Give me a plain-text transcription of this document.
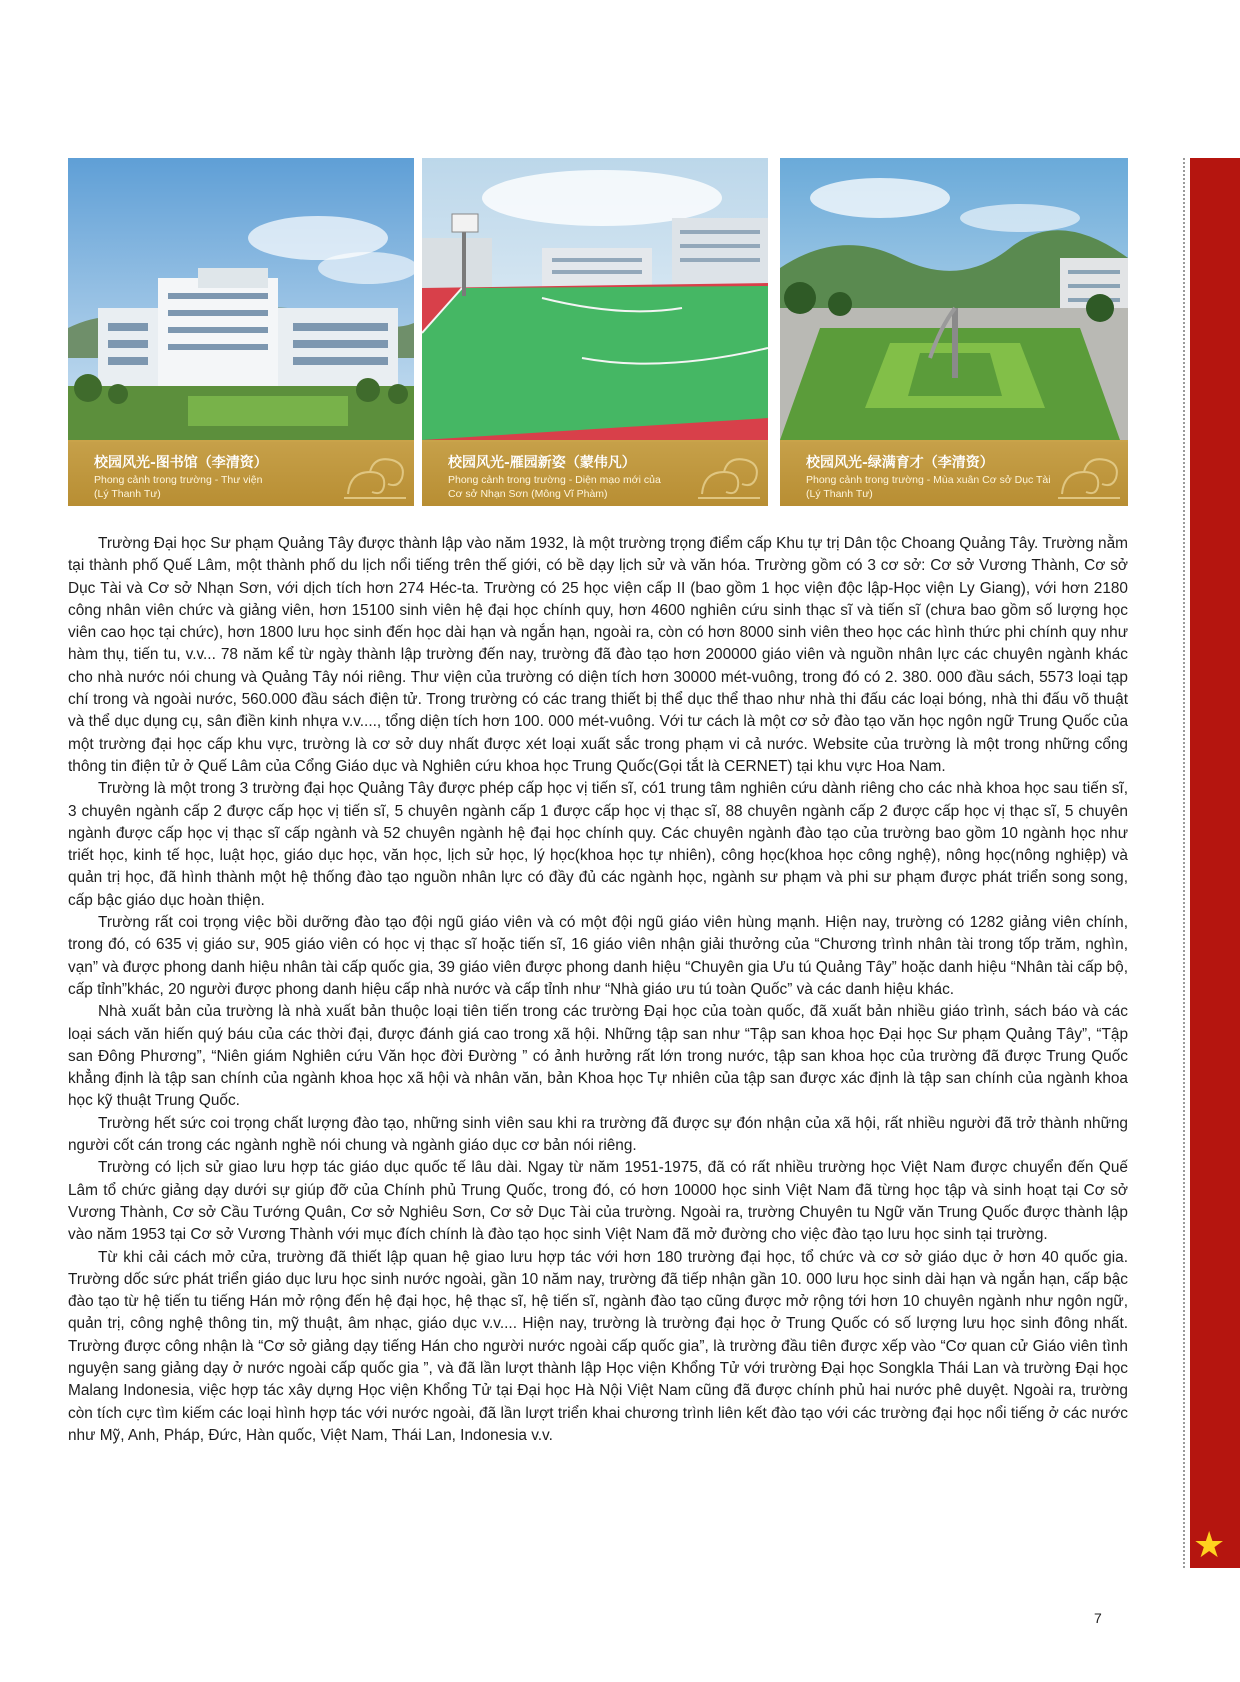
校园风光-图书馆（李清资）
Phong cảnh trong trường - Thư viện
(Lý Thanh Tư)
校园风光-雁园新姿（蒙伟凡）
Phong cảnh trong trường - Diện mạo mới của
Cơ sở Nhạn Sơn (Mông Vĩ Phàm)
校园风光-绿满育才（李清资）
Phong cảnh trong trường - Mùa xuân Cơ sở Dục Tài
(Lý Thanh Tư)
★

Trường Đại học Sư phạm Quảng Tây được thành lập vào năm 1932, là một trường trọng điểm cấp Khu tự trị Dân tộc Choang Quảng Tây. Trường nằm tại thành phố Quế Lâm, một thành phố du lịch nổi tiếng trên thế giới, có bề dạy lịch sử và văn hóa. Trường gồm có 3 cơ sở: Cơ sở Vương Thành, Cơ sở Dục Tài và Cơ sở Nhạn Sơn, với dịch tích hơn 274 Héc-ta. Trường có 25 học viện cấp II (bao gồm 1 học viện độc lập-Học viện Ly Giang), với hơn 2180 công nhân viên chức và giảng viên, hơn 15100 sinh viên hệ đại học chính quy, hơn 4600 nghiên cứu sinh thạc sĩ và tiến sĩ (chưa bao gồm số lượng học viên cao học tại chức), hơn 1800 lưu học sinh đến học dài hạn và ngắn hạn, ngoài ra, còn có hơn 8000 sinh viên theo học các hình thức phi chính quy như hàm thụ, tiến tu, v.v... 78 năm kể từ ngày thành lập trường đến nay, trường đã đào tạo hơn 200000 giáo viên và nguồn nhân lực các chuyên ngành khác cho nhà nước nói chung và Quảng Tây nói riêng. Thư viện của trường có diện tích hơn 30000 mét-vuông, trong đó có 2. 380. 000 đầu sách, 5573 loại tạp chí trong và ngoài nước, 560.000 đầu sách điện tử. Trong trường có các trang thiết bị thể dục thể thao như nhà thi đấu các loại bóng, nhà thi đấu võ thuật và thể dục dụng cụ, sân điền kinh nhựa v.v...., tổng diện tích hơn 100. 000 mét-vuông. Với tư cách là một cơ sở đào tạo văn học ngôn ngữ Trung Quốc của một trường đại học cấp khu vực, trường là cơ sở duy nhất được xét loại xuất sắc trong phạm vi cả nước. Website của trường là một trong những cổng thông tin điện tử ở Quế Lâm của Cổng Giáo dục và Nghiên cứu khoa học Trung Quốc(Gọi tắt là CERNET) tại khu vực Hoa Nam.

Trường là một trong 3 trường đại học Quảng Tây được phép cấp học vị tiến sĩ, có1 trung tâm nghiên cứu dành riêng cho các nhà khoa học sau tiến sĩ, 3 chuyên ngành cấp 2 được cấp học vị tiến sĩ, 5 chuyên ngành cấp 1 được cấp học vị thạc sĩ, 88 chuyên ngành cấp 2 được cấp học vị thạc sĩ, 5 chuyên ngành được cấp học vị thạc sĩ cấp ngành và 52 chuyên ngành hệ đại học chính quy. Các chuyên ngành đào tạo của trường bao gồm 10 ngành học như triết học, kinh tế học, luật học, giáo dục học, văn học, lịch sử học, lý học(khoa học tự nhiên), công học(khoa học công nghệ), nông học(nông nghiệp) và quản trị học, đã hình thành một hệ thống đào tạo nguồn nhân lực có đầy đủ các ngành học, ngành sư phạm và phi sư phạm được phát triển song song, cấp bậc giáo dục hoàn thiện.

Trường rất coi trọng việc bồi dưỡng đào tạo đội ngũ giáo viên và có một đội ngũ giáo viên hùng mạnh. Hiện nay, trường có 1282 giảng viên chính, trong đó, có 635 vị giáo sư, 905 giáo viên có học vị thạc sĩ hoặc tiến sĩ, 16 giáo viên nhận giải thưởng của “Chương trình nhân tài trong tốp trăm, nghìn, vạn” và được phong danh hiệu nhân tài cấp quốc gia, 39 giáo viên được phong danh hiệu “Chuyên gia Ưu tú Quảng Tây” hoặc danh hiệu “Nhân tài cấp bộ, cấp tỉnh”khác, 20 người được phong danh hiệu cấp nhà nước và cấp tỉnh như “Nhà giáo ưu tú toàn Quốc” và các danh hiệu khác.

Nhà xuất bản của trường là nhà xuất bản thuộc loại tiên tiến trong các trường Đại học của toàn quốc, đã xuất bản nhiều giáo trình, sách báo và các loại sách văn hiến quý báu của các thời đại, được đánh giá cao trong xã hội. Những tập san như “Tập san khoa học Đại học Sư phạm Quảng Tây”, “Tập san Đông Phương”, “Niên giám Nghiên cứu Văn học đời Đường ” có ảnh hưởng rất lớn trong nước, tập san khoa học của trường đã được Trung Quốc khẳng định là tập san chính của ngành khoa học xã hội và nhân văn, bản Khoa học Tự nhiên của tập san được xác định là tập san chính của ngành khoa học kỹ thuật Trung Quốc.

Trường hết sức coi trọng chất lượng đào tạo, những sinh viên sau khi ra trường đã được sự đón nhận của xã hội, rất nhiều người đã trở thành những người cốt cán trong các ngành nghề nói chung và ngành giáo dục cơ bản nói riêng.

Trường có lịch sử giao lưu hợp tác giáo dục quốc tế lâu dài. Ngay từ năm 1951-1975, đã có rất nhiều trường học Việt Nam được chuyển đến Quế Lâm tổ chức giảng dạy dưới sự giúp đỡ của Chính phủ Trung Quốc, trong đó, có hơn 10000 học sinh Việt Nam đã từng học tập và sinh hoạt tại Cơ sở Vương Thành, Cơ sở Cầu Tướng Quân, Cơ sở Nghiêu Sơn, Cơ sở Dục Tài của trường. Ngoài ra, trường Chuyên tu Ngữ văn Trung Quốc được thành lập vào năm 1953 tại Cơ sở Vương Thành với mục đích chính là đào tạo học sinh Việt Nam đã mở đường cho việc đào tạo lưu học sinh tại trường.

Từ khi cải cách mở cửa, trường đã thiết lập quan hệ giao lưu hợp tác với hơn 180 trường đại học, tổ chức và cơ sở giáo dục ở hơn 40 quốc gia. Trường dốc sức phát triển giáo dục lưu học sinh nước ngoài, gần 10 năm nay, trường đã tiếp nhận gần 10. 000 lưu học sinh dài hạn và ngắn hạn, cấp bậc đào tạo từ hệ tiến tu tiếng Hán mở rộng đến hệ đại học, hệ thạc sĩ, hệ tiến sĩ, ngành đào tạo cũng được mở rộng tới hơn 10 chuyên ngành như ngôn ngữ, quản trị, công nghệ thông tin, mỹ thuật, âm nhạc, giáo dục v.v.... Hiện nay, trường là trường đại học ở Trung Quốc có số lượng lưu học sinh đông nhất. Trường được công nhận là “Cơ sở giảng dạy tiếng Hán cho người nước ngoài cấp quốc gia”, là trường đầu tiên được xếp vào “Cơ quan cử Giáo viên tình nguyện sang giảng dạy ở nước ngoài cấp quốc gia ”, và đã lần lượt thành lập Học viện Khổng Tử với trường Đại học Songkla Thái Lan và trường Đại học Malang Indonesia, việc hợp tác xây dựng Học viện Khổng Tử tại Đại học Hà Nội Việt Nam cũng đã được chính phủ hai nước phê duyệt. Ngoài ra, trường còn tích cực tìm kiếm các loại hình hợp tác với nước ngoài, đã lần lượt triển khai chương trình liên kết đào tạo với các trường đại học nổi tiếng ở các nước như Mỹ, Anh, Pháp, Đức, Hàn quốc, Việt Nam, Thái Lan, Indonesia v.v.

7
